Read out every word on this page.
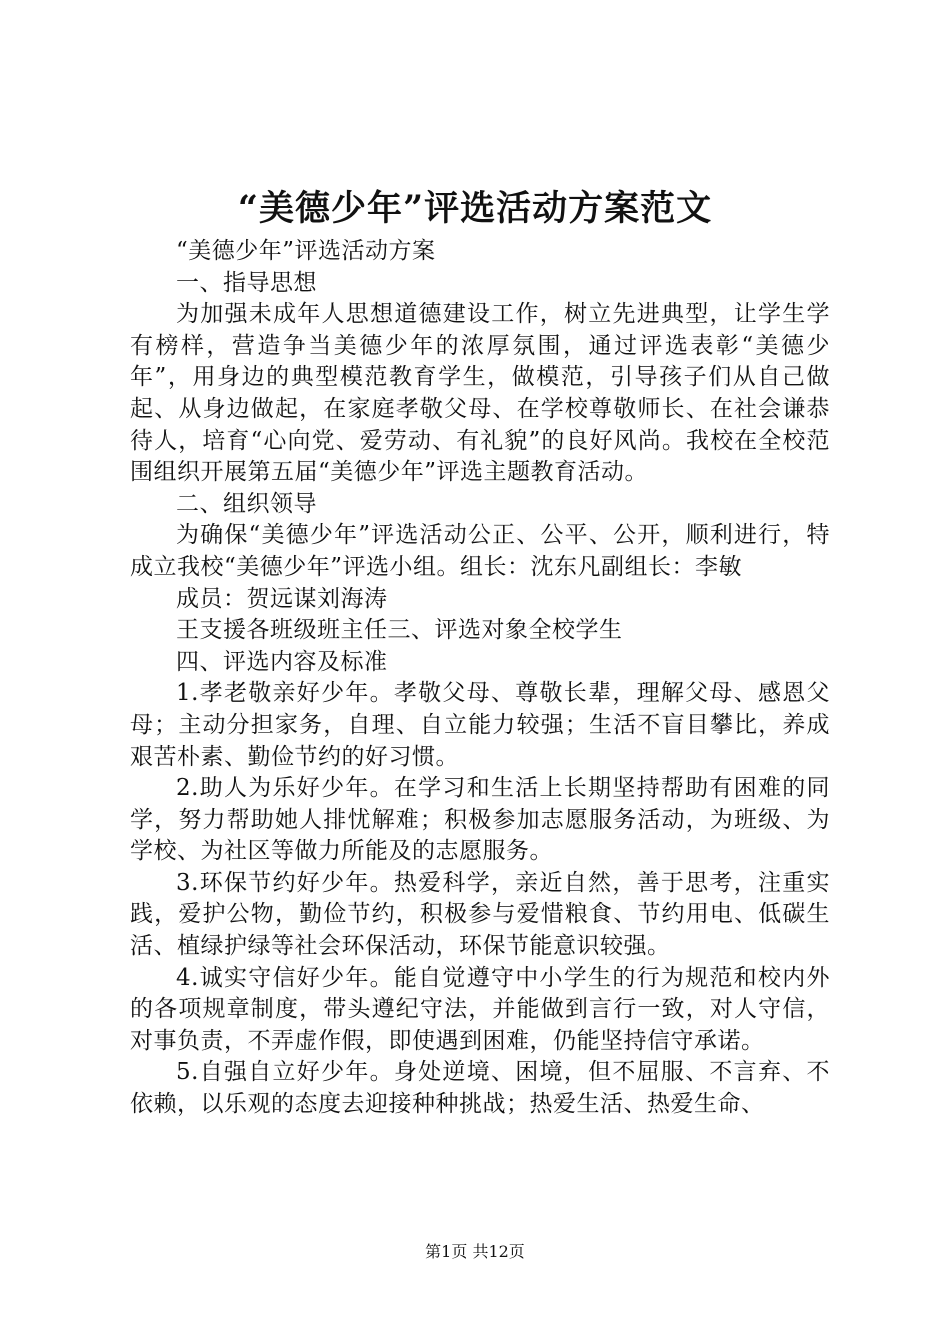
“美德少年”评选活动方案范文

“美德少年”评选活动方案

一、指导思想

为加强未成年人思想道德建设工作，树立先进典型，让学生学有榜样，营造争当美德少年的浓厚氛围，通过评选表彰“美德少年”，用身边的典型模范教育学生，做模范，引导孩子们从自己做起、从身边做起，在家庭孝敬父母、在学校尊敬师长、在社会谦恭待人，培育“心向党、爱劳动、有礼貌”的良好风尚。我校在全校范围组织开展第五届“美德少年”评选主题教育活动。

二、组织领导

为确保“美德少年”评选活动公正、公平、公开，顺利进行，特成立我校“美德少年”评选小组。组长：沈东凡副组长：李敏

成员：贺远谋刘海涛

王支援各班级班主任三、评选对象全校学生

四、评选内容及标准

1.孝老敬亲好少年。孝敬父母、尊敬长辈，理解父母、感恩父母；主动分担家务，自理、自立能力较强；生活不盲目攀比，养成艰苦朴素、勤俭节约的好习惯。

2.助人为乐好少年。在学习和生活上长期坚持帮助有困难的同学，努力帮助她人排忧解难；积极参加志愿服务活动，为班级、为学校、为社区等做力所能及的志愿服务。

3.环保节约好少年。热爱科学，亲近自然，善于思考，注重实践，爱护公物，勤俭节约，积极参与爱惜粮食、节约用电、低碳生活、植绿护绿等社会环保活动，环保节能意识较强。

4.诚实守信好少年。能自觉遵守中小学生的行为规范和校内外的各项规章制度，带头遵纪守法，并能做到言行一致，对人守信，对事负责，不弄虚作假，即使遇到困难，仍能坚持信守承诺。

5.自强自立好少年。身处逆境、困境，但不屈服、不言弃、不依赖，以乐观的态度去迎接种种挑战；热爱生活、热爱生命、

第1页 共12页
